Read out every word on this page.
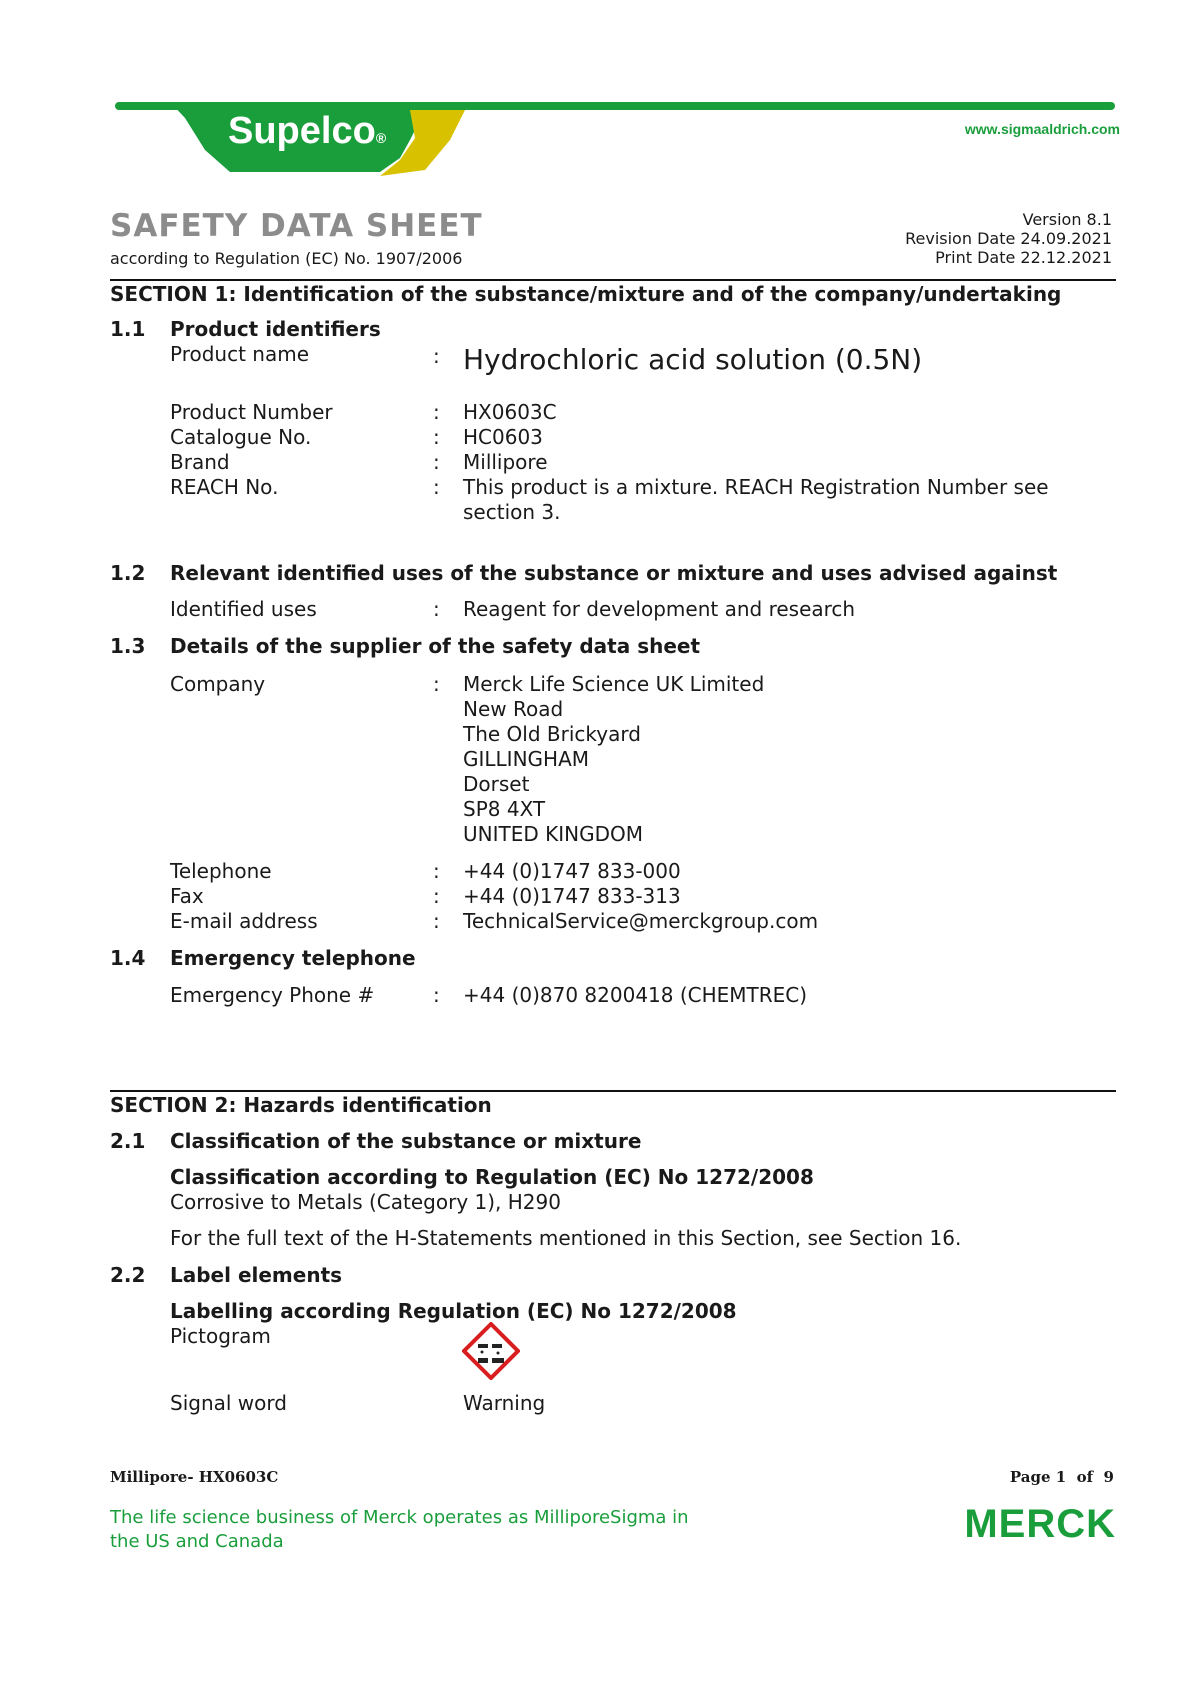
Supelco®
www.sigmaaldrich.com
SAFETY DATA SHEET
according to Regulation (EC) No. 1907/2006
Version 8.1
Revision Date 24.09.2021
Print Date 22.12.2021
SECTION 1: Identification of the substance/mixture and of the company/undertaking
1.1 Product identifiers
Product name	: Hydrochloric acid solution (0.5N)
Product Number	: HX0603C
Catalogue No.	: HC0603
Brand	: Millipore
REACH No.	: This product is a mixture. REACH Registration Number see
section 3.
1.2 Relevant identified uses of the substance or mixture and uses advised against
Identified uses	: Reagent for development and research
1.3 Details of the supplier of the safety data sheet
Company	: Merck Life Science UK Limited
New Road
The Old Brickyard
GILLINGHAM
Dorset
SP8 4XT
UNITED KINGDOM
Telephone	: +44 (0)1747 833-000
Fax	: +44 (0)1747 833-313
E-mail address	: TechnicalService@merckgroup.com
1.4 Emergency telephone
Emergency Phone #	: +44 (0)870 8200418 (CHEMTREC)
SECTION 2: Hazards identification
2.1 Classification of the substance or mixture
Classification according to Regulation (EC) No 1272/2008
Corrosive to Metals (Category 1), H290
For the full text of the H-Statements mentioned in this Section, see Section 16.
2.2 Label elements
Labelling according Regulation (EC) No 1272/2008
Pictogram
Signal word	Warning
Millipore- HX0603C	Page 1  of  9
The life science business of Merck operates as MilliporeSigma in
the US and Canada	MERCK
